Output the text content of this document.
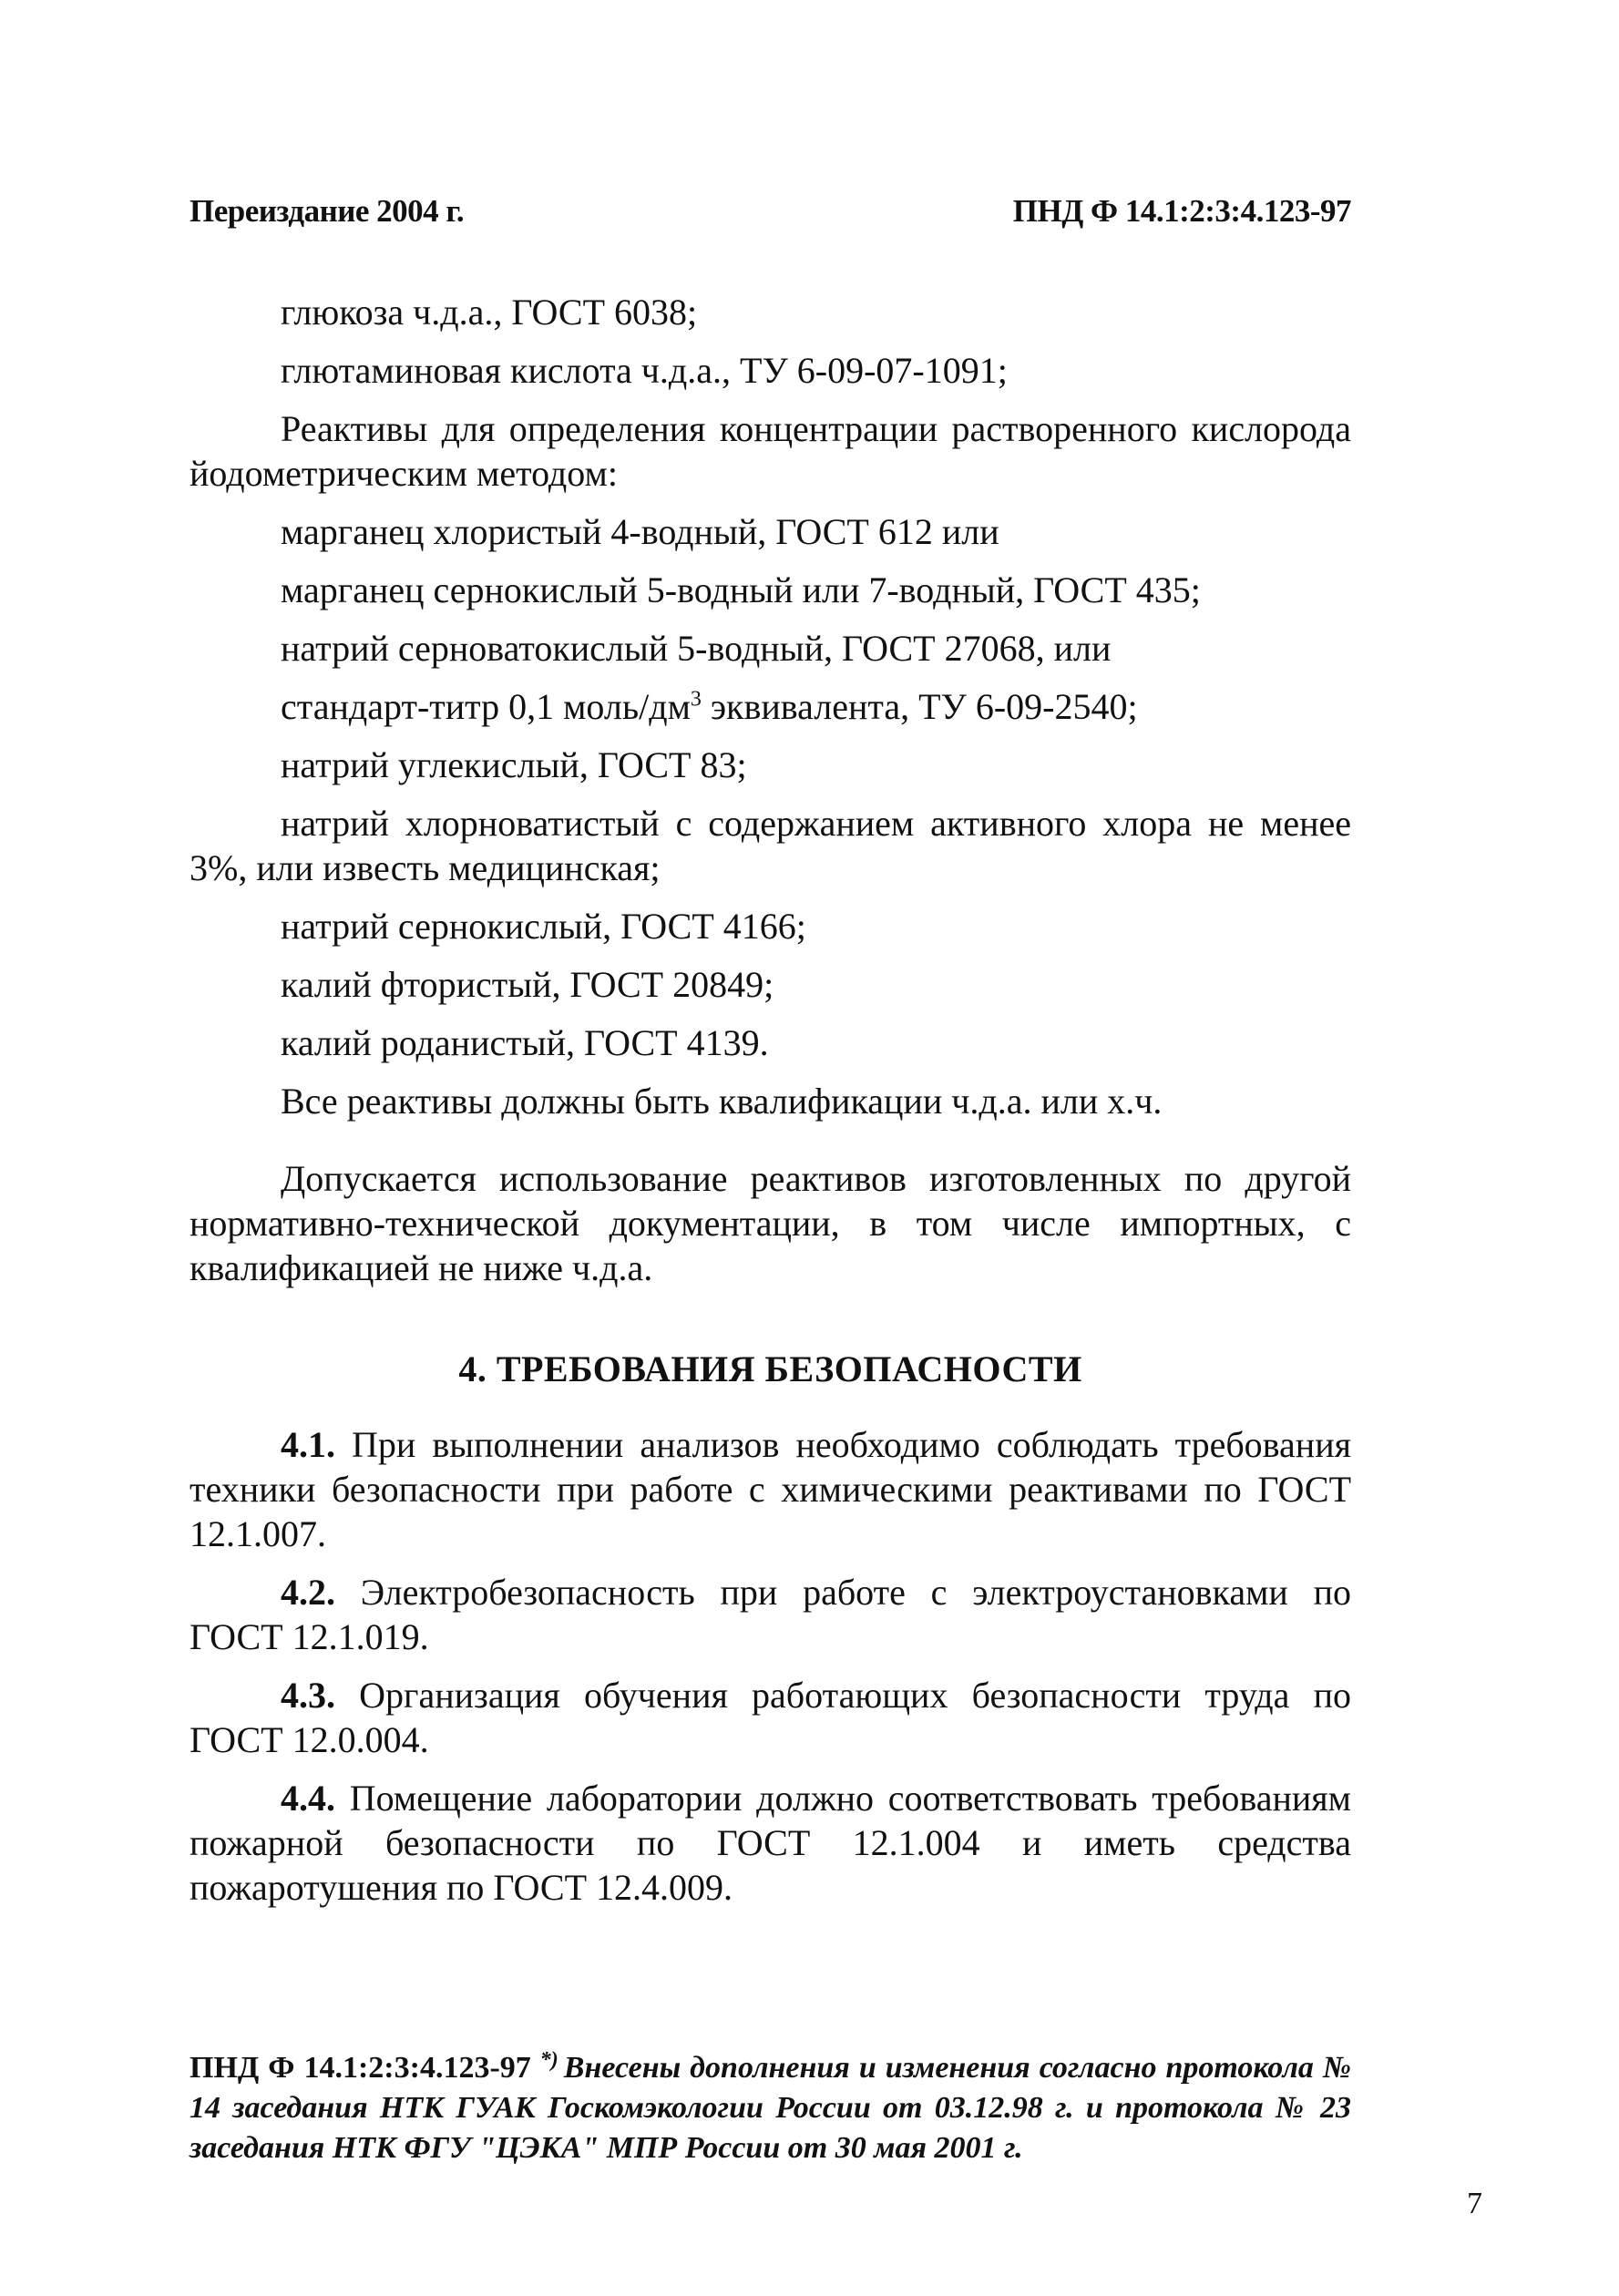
Переиздание 2004 г.	ПНД Ф 14.1:2:3:4.123-97
глюкоза ч.д.а., ГОСТ 6038;
глютаминовая кислота ч.д.а., ТУ 6-09-07-1091;
Реактивы для определения концентрации растворенного кислорода йодометрическим методом:
марганец хлористый 4-водный, ГОСТ 612 или
марганец сернокислый 5-водный или 7-водный, ГОСТ 435;
натрий серноватокислый 5-водный, ГОСТ 27068, или
стандарт-титр 0,1 моль/$дм^3$ эквивалента, ТУ 6-09-2540;
натрий углекислый, ГОСТ 83;
натрий хлорноватистый с содержанием активного хлора не менее 3%, или известь медицинская;
натрий сернокислый, ГОСТ 4166;
калий фтористый, ГОСТ 20849;
калий роданистый, ГОСТ 4139.
Все реактивы должны быть квалификации ч.д.а. или х.ч.
Допускается использование реактивов изготовленных по другой нормативно-технической документации, в том числе импортных, с квалификацией не ниже ч.д.а.
4. ТРЕБОВАНИЯ БЕЗОПАСНОСТИ
4.1. При выполнении анализов необходимо соблюдать требования техники безопасности при работе с химическими реактивами по ГОСТ 12.1.007.
4.2. Электробезопасность при работе с электроустановками по ГОСТ 12.1.019.
4.3. Организация обучения работающих безопасности труда по ГОСТ 12.0.004.
4.4. Помещение лаборатории должно соответствовать требованиям пожарной безопасности по ГОСТ 12.1.004 и иметь средства пожаротушения по ГОСТ 12.4.009.
ПНД Ф 14.1:2:3:4.123-97 *) Внесены дополнения и изменения согласно протокола № 14 заседания НТК ГУАК Госкомэкологии России от 03.12.98 г. и протокола № 23 заседания НТК ФГУ "ЦЭКА" МПР России от 30 мая 2001 г.
7
